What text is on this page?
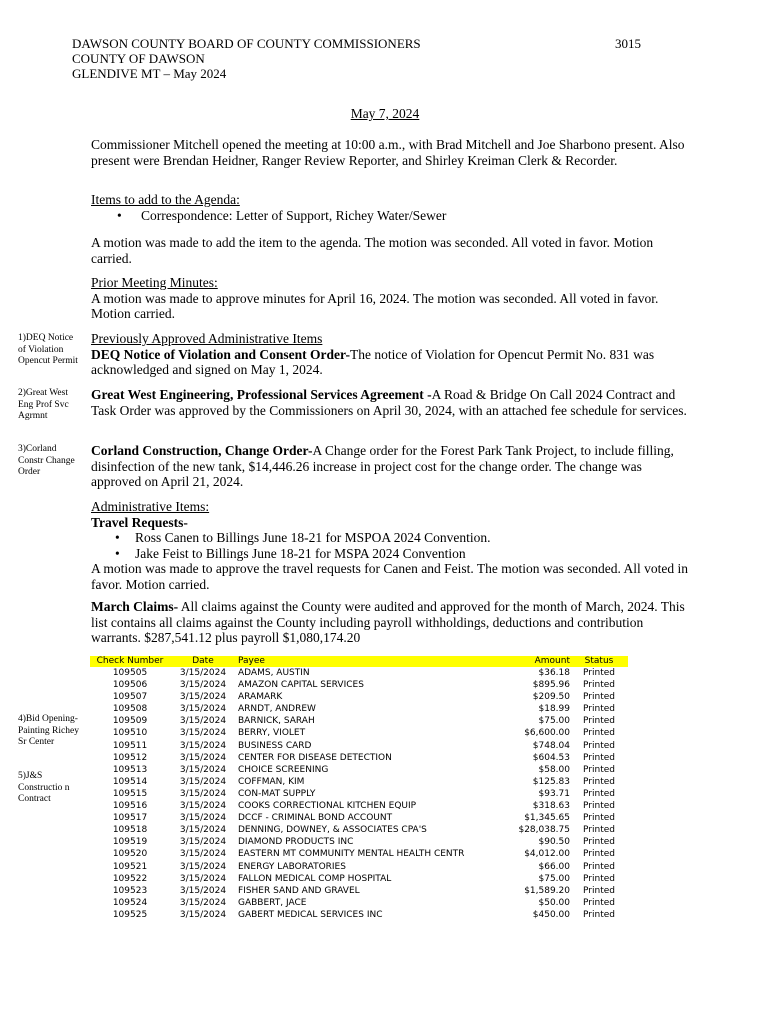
DAWSON COUNTY BOARD OF COUNTY COMMISSIONERS
COUNTY OF DAWSON
GLENDIVE MT – May 2024
3015
May 7, 2024
Commissioner Mitchell opened the meeting at 10:00 a.m., with Brad Mitchell and Joe Sharbono present. Also present were Brendan Heidner, Ranger Review Reporter, and Shirley Kreiman Clerk & Recorder.
Items to add to the Agenda:
• Correspondence: Letter of Support, Richey Water/Sewer
A motion was made to add the item to the agenda. The motion was seconded. All voted in favor. Motion carried.
Prior Meeting Minutes:
A motion was made to approve minutes for April 16, 2024. The motion was seconded. All voted in favor. Motion carried.
Previously Approved Administrative Items
DEQ Notice of Violation and Consent Order-The notice of Violation for Opencut Permit No. 831 was acknowledged and signed on May 1, 2024.
Great West Engineering, Professional Services Agreement -A Road & Bridge On Call 2024 Contract and Task Order was approved by the Commissioners on April 30, 2024, with an attached fee schedule for services.
Corland Construction, Change Order-A Change order for the Forest Park Tank Project, to include filling, disinfection of the new tank, $14,446.26 increase in project cost for the change order. The change was approved on April 21, 2024.
Administrative Items:
Travel Requests-
• Ross Canen to Billings June 18-21 for MSPOA 2024 Convention.
• Jake Feist to Billings June 18-21 for MSPA 2024 Convention
A motion was made to approve the travel requests for Canen and Feist. The motion was seconded. All voted in favor. Motion carried.
March Claims- All claims against the County were audited and approved for the month of March, 2024. This list contains all claims against the County including payroll withholdings, deductions and contribution warrants. $287,541.12 plus payroll $1,080,174.20
1)DEQ Notice of Violation Opencut Permit
2)Great West Eng Prof Svc Agrmnt
3)Corland Constr Change Order
4)Bid Opening-Painting Richey Sr Center
5)J&S Constructio n Contract
Check Number	Date	Payee	Amount	Status
109505	3/15/2024	ADAMS, AUSTIN	$36.18	Printed
109506	3/15/2024	AMAZON CAPITAL SERVICES	$895.96	Printed
109507	3/15/2024	ARAMARK	$209.50	Printed
109508	3/15/2024	ARNDT, ANDREW	$18.99	Printed
109509	3/15/2024	BARNICK, SARAH	$75.00	Printed
109510	3/15/2024	BERRY, VIOLET	$6,600.00	Printed
109511	3/15/2024	BUSINESS CARD	$748.04	Printed
109512	3/15/2024	CENTER FOR DISEASE DETECTION	$604.53	Printed
109513	3/15/2024	CHOICE SCREENING	$58.00	Printed
109514	3/15/2024	COFFMAN, KIM	$125.83	Printed
109515	3/15/2024	CON-MAT SUPPLY	$93.71	Printed
109516	3/15/2024	COOKS CORRECTIONAL KITCHEN EQUIP	$318.63	Printed
109517	3/15/2024	DCCF - CRIMINAL BOND ACCOUNT	$1,345.65	Printed
109518	3/15/2024	DENNING, DOWNEY, & ASSOCIATES CPA'S	$28,038.75	Printed
109519	3/15/2024	DIAMOND PRODUCTS INC	$90.50	Printed
109520	3/15/2024	EASTERN MT COMMUNITY MENTAL HEALTH CENTR	$4,012.00	Printed
109521	3/15/2024	ENERGY LABORATORIES	$66.00	Printed
109522	3/15/2024	FALLON MEDICAL COMP HOSPITAL	$75.00	Printed
109523	3/15/2024	FISHER SAND AND GRAVEL	$1,589.20	Printed
109524	3/15/2024	GABBERT, JACE	$50.00	Printed
109525	3/15/2024	GABERT MEDICAL SERVICES INC	$450.00	Printed
